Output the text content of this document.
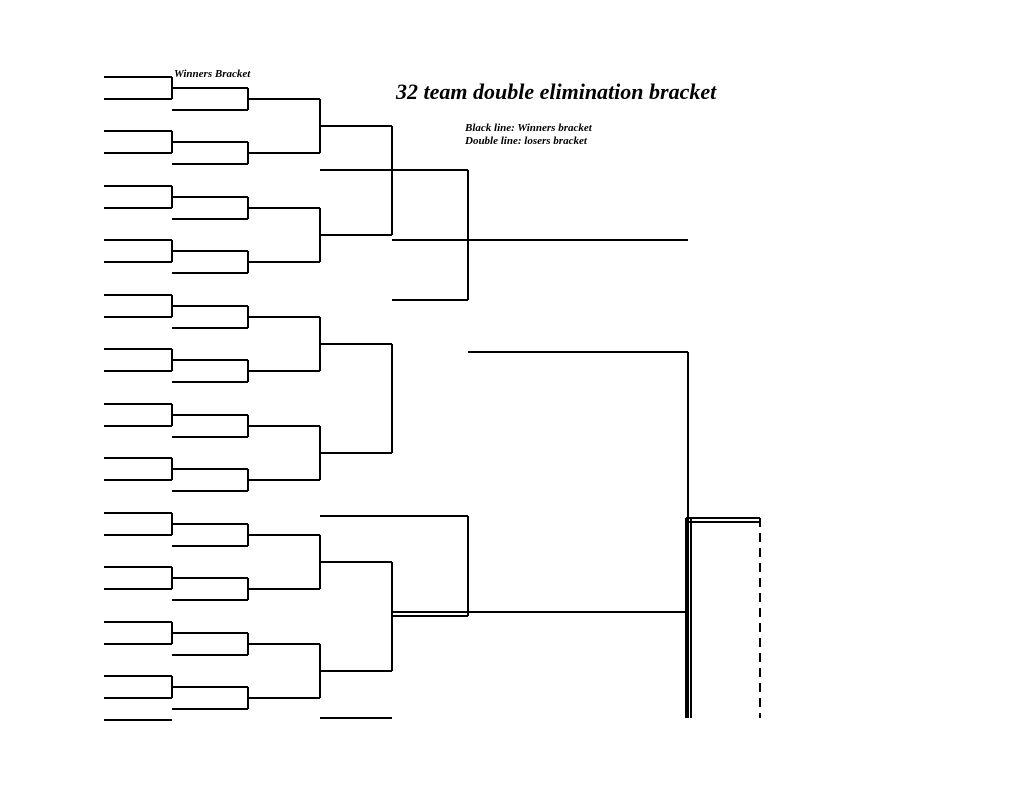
Winners Bracket
32 team double elimination bracket
Black line: Winners bracket
Double line: losers bracket
